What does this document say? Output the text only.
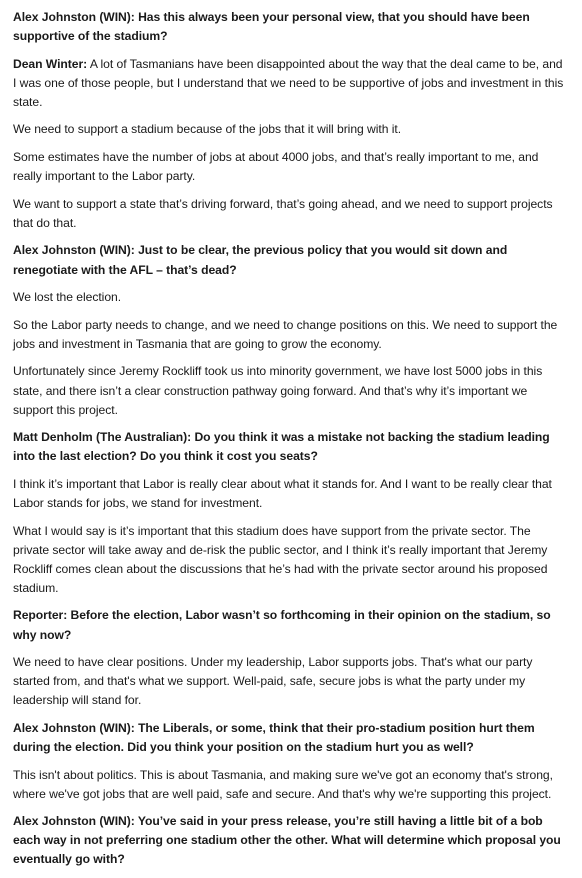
Alex Johnston (WIN): Has this always been your personal view, that you should have been supportive of the stadium?

Dean Winter: A lot of Tasmanians have been disappointed about the way that the deal came to be, and I was one of those people, but I understand that we need to be supportive of jobs and investment in this state.

We need to support a stadium because of the jobs that it will bring with it.

Some estimates have the number of jobs at about 4000 jobs, and that’s really important to me, and really important to the Labor party.

We want to support a state that’s driving forward, that’s going ahead, and we need to support projects that do that.

Alex Johnston (WIN): Just to be clear, the previous policy that you would sit down and renegotiate with the AFL – that’s dead?

We lost the election.

So the Labor party needs to change, and we need to change positions on this. We need to support the jobs and investment in Tasmania that are going to grow the economy.

Unfortunately since Jeremy Rockliff took us into minority government, we have lost 5000 jobs in this state, and there isn’t a clear construction pathway going forward. And that’s why it’s important we support this project.

Matt Denholm (The Australian): Do you think it was a mistake not backing the stadium leading into the last election? Do you think it cost you seats?

I think it’s important that Labor is really clear about what it stands for. And I want to be really clear that Labor stands for jobs, we stand for investment.

What I would say is it’s important that this stadium does have support from the private sector. The private sector will take away and de-risk the public sector, and I think it’s really important that Jeremy Rockliff comes clean about the discussions that he’s had with the private sector around his proposed stadium.

Reporter: Before the election, Labor wasn’t so forthcoming in their opinion on the stadium, so why now?

We need to have clear positions. Under my leadership, Labor supports jobs. That's what our party started from, and that's what we support. Well-paid, safe, secure jobs is what the party under my leadership will stand for.

Alex Johnston (WIN): The Liberals, or some, think that their pro-stadium position hurt them during the election. Did you think your position on the stadium hurt you as well?

This isn't about politics. This is about Tasmania, and making sure we've got an economy that's strong, where we've got jobs that are well paid, safe and secure. And that's why we're supporting this project.

Alex Johnston (WIN): You’ve said in your press release, you’re still having a little bit of a bob each way in not preferring one stadium other the other. What will determine which proposal you eventually go with?
